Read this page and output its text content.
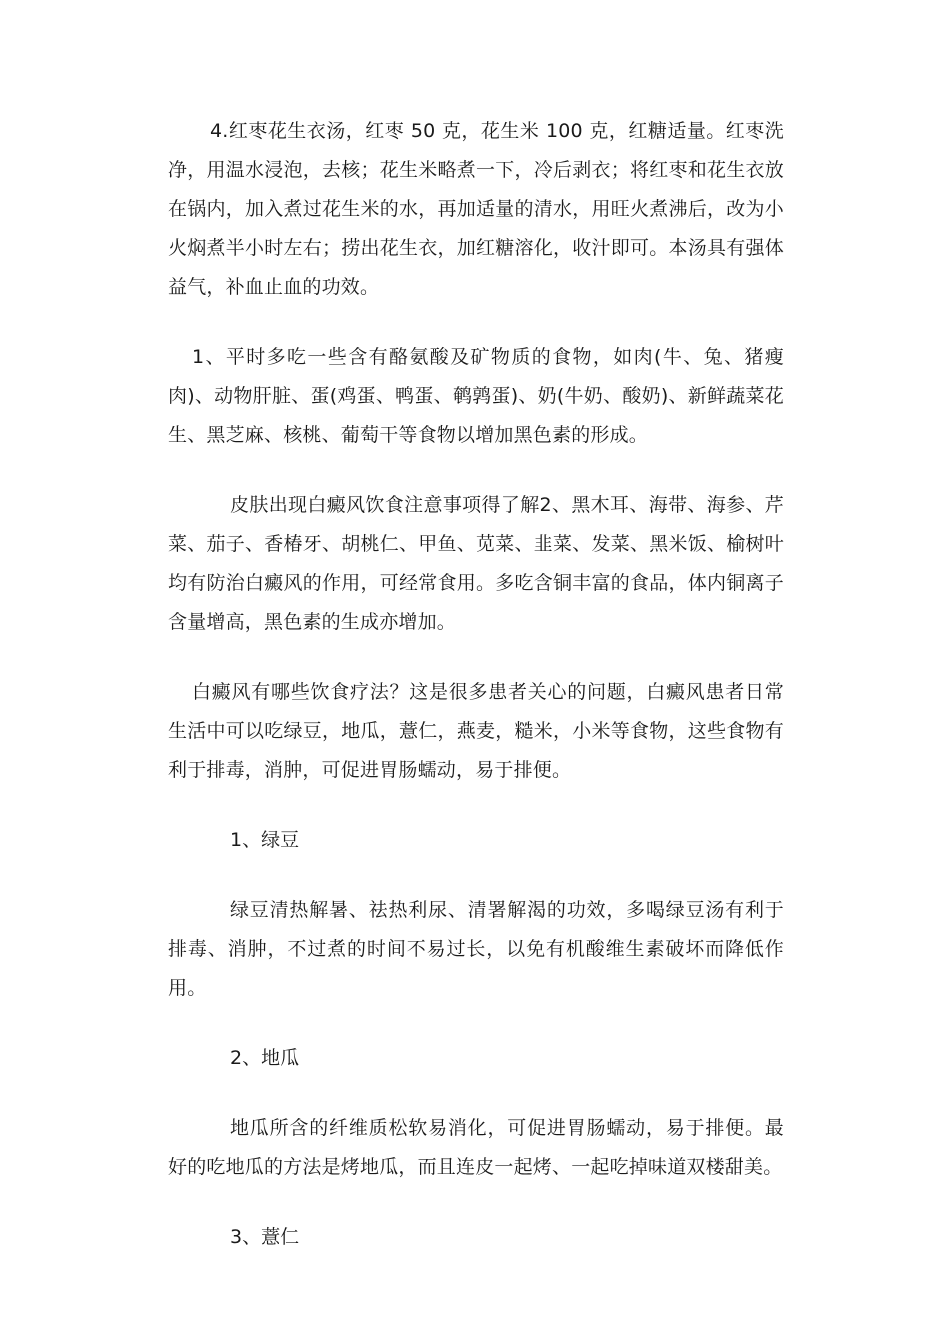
4.红枣花生衣汤，红枣 50 克，花生米 100 克，红糖适量。红枣洗净，用温水浸泡，去核；花生米略煮一下，冷后剥衣；将红枣和花生衣放在锅内，加入煮过花生米的水，再加适量的清水，用旺火煮沸后，改为小火焖煮半小时左右；捞出花生衣，加红糖溶化，收汁即可。本汤具有强体益气，补血止血的功效。

1、平时多吃一些含有酪氨酸及矿物质的食物，如肉(牛、兔、猪瘦肉)、动物肝脏、蛋(鸡蛋、鸭蛋、鹌鹑蛋)、奶(牛奶、酸奶)、新鲜蔬菜花生、黑芝麻、核桃、葡萄干等食物以增加黑色素的形成。

皮肤出现白癜风饮食注意事项得了解2、黑木耳、海带、海参、芹菜、茄子、香椿牙、胡桃仁、甲鱼、苋菜、韭菜、发菜、黑米饭、榆树叶均有防治白癜风的作用，可经常食用。多吃含铜丰富的食品，体内铜离子含量增高，黑色素的生成亦增加。

白癜风有哪些饮食疗法？这是很多患者关心的问题，白癜风患者日常生活中可以吃绿豆，地瓜，薏仁，燕麦，糙米，小米等食物，这些食物有利于排毒，消肿，可促进胃肠蠕动，易于排便。

1、绿豆

绿豆清热解暑、祛热利尿、清署解渴的功效，多喝绿豆汤有利于排毒、消肿，不过煮的时间不易过长，以免有机酸维生素破坏而降低作用。

2、地瓜

地瓜所含的纤维质松软易消化，可促进胃肠蠕动，易于排便。最好的吃地瓜的方法是烤地瓜，而且连皮一起烤、一起吃掉味道双楼甜美。

3、薏仁
